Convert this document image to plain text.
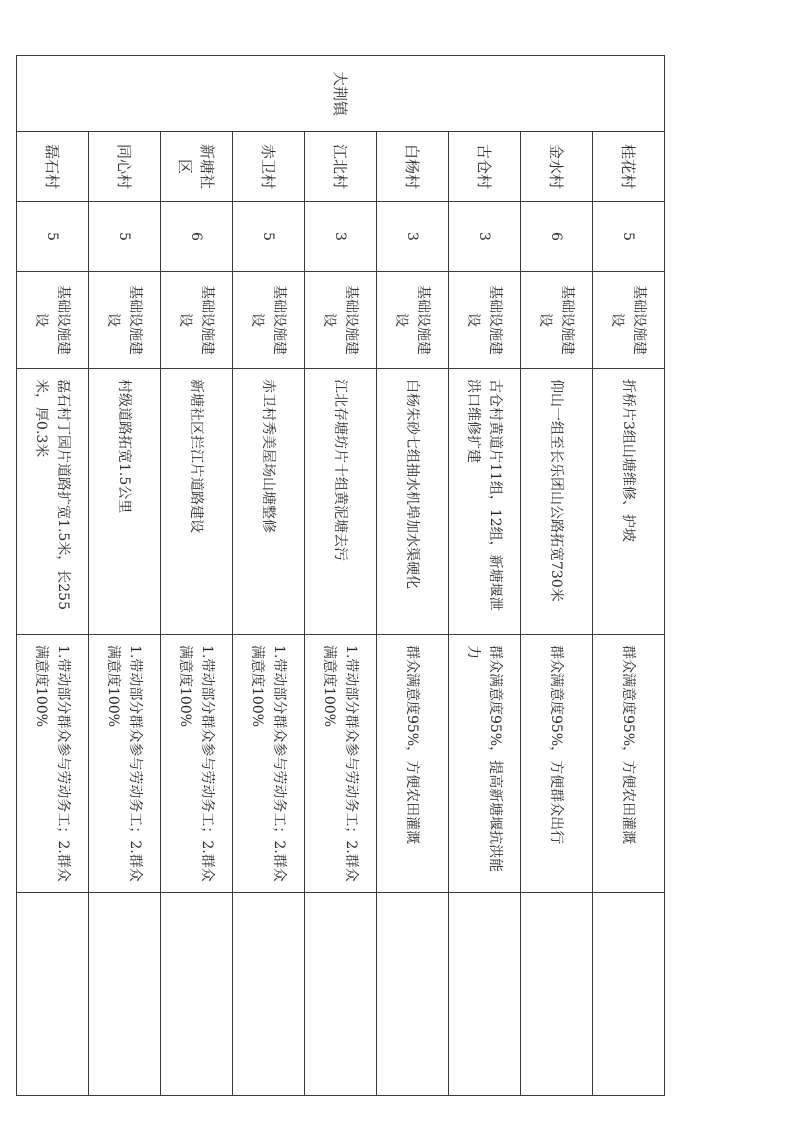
大荆镇	桂花村	5	基础设施建设	折桥片3组山塘维修、护坡	群众满意度95%，方便农田灌溉	
	金水村	6	基础设施建设	仰山一组至长乐团山公路拓宽730米	群众满意度95%，方便群众出行	
	古仓村	3	基础设施建设	古仓村黄道片11组，12组，新塘堰泄洪口维修扩建	群众满意度95%，提高新塘堰抗洪能力	
	白杨村	3	基础设施建设	白杨朱砂七组抽水机埠加水渠硬化	群众满意度95%，方便农田灌溉	
	江北村	3	基础设施建设	江北存塘坊片十组黄泥塘去污	1.带动部分群众参与劳动务工；2.群众满意度100%	
	赤卫村	5	基础设施建设	赤卫村秀美屋场山塘整修	1.带动部分群众参与劳动务工；2.群众满意度100%	
	新塘社区	6	基础设施建设	新塘社区拦江片道路建设	1.带动部分群众参与劳动务工；2.群众满意度100%	
	同心村	5	基础设施建设	村级道路拓宽1.5公里	1.带动部分群众参与劳动务工；2.群众满意度100%	
	磊石村	5	基础设施建设	磊石村丁园片道路扩宽1.5米，长255米，厚0.3米	1.带动部分群众参与劳动务工；2.群众满意度100%	
